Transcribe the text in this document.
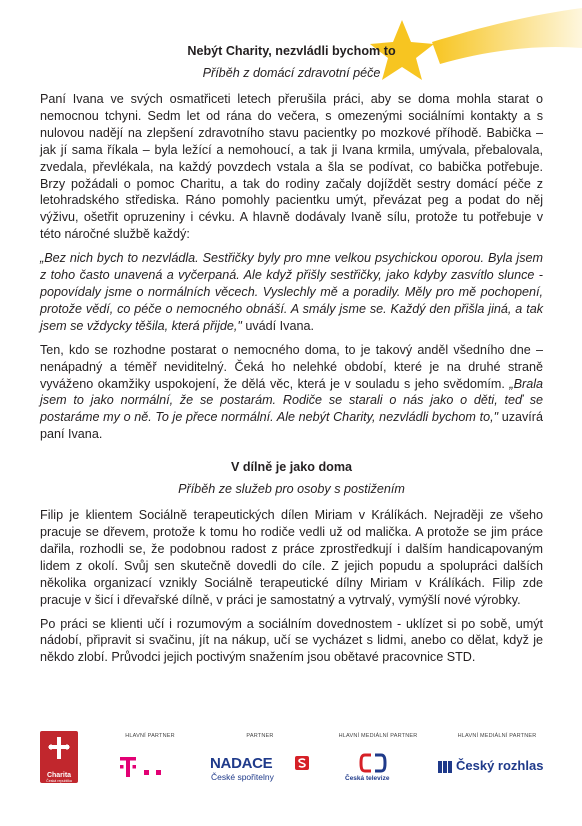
Nebýt Charity, nezvládli bychom to
Příběh z domácí zdravotní péče

Paní Ivana ve svých osmatřiceti letech přerušila práci, aby se doma mohla starat o nemocnou tchyni. Sedm let od rána do večera, s omezenými sociálními kontakty a s nulovou nadějí na zlepšení zdravotního stavu pacientky po mozkové příhodě. Babička – jak jí sama říkala – byla ležící a nemohoucí, a tak ji Ivana krmila, umývala, přebalovala, zvedala, převlékala, na každý povzdech vstala a šla se podívat, co babička potřebuje. Brzy požádali o pomoc Charitu, a tak do rodiny začaly dojíždět sestry domácí péče z letohradského střediska. Ráno pomohly pacientku umýt, převázat peg a podat do něj výživu, ošetřit opruzeniny i cévku. A hlavně dodávaly Ivaně sílu, protože tu potřebuje v této náročné službě každý:

„Bez nich bych to nezvládla. Sestřičky byly pro mne velkou psychickou oporou. Byla jsem z toho často unavená a vyčerpaná. Ale když přišly sestřičky, jako kdyby zasvítlo slunce - popovídaly jsme o normálních věcech. Vyslechly mě a poradily. Měly pro mě pochopení, protože vědí, co péče o nemocného obnáší. A smály jsme se. Každý den přišla jiná, a tak jsem se vždycky těšila, která přijde," uvádí Ivana.

Ten, kdo se rozhodne postarat o nemocného doma, to je takový anděl všedního dne – nenápadný a téměř neviditelný. Čeká ho nelehké období, které je na druhé straně vyváženo okamžiky uspokojení, že dělá věc, která je v souladu s jeho svědomím. „Brala jsem to jako normální, že se postarám. Rodiče se starali o nás jako o děti, teď se postaráme my o ně. To je přece normální. Ale nebýt Charity, nezvládli bychom to," uzavírá paní Ivana.

V dílně je jako doma
Příběh ze služeb pro osoby s postižením

Filip je klientem Sociálně terapeutických dílen Miriam v Králíkách. Nejraději ze všeho pracuje se dřevem, protože k tomu ho rodiče vedli už od malička. A protože se jim práce dařila, rozhodli se, že podobnou radost z práce zprostředkují i dalším handicapovaným lidem z okolí. Svůj sen skutečně dovedli do cíle. Z jejich popudu a spolupráci dalších několika organizací vznikly Sociálně terapeutické dílny Miriam v Králíkách. Filip zde pracuje v šicí i dřevařské dílně, v práci je samostatný a vytrvalý, vymýšlí nové výrobky.

Po práci se klienti učí i rozumovým a sociálním dovednostem - uklízet si po sobě, umýt nádobí, připravit si svačinu, jít na nákup, učí se vycházet s lidmi, anebo co dělat, když je někdo zlobí. Průvodci jejich poctivým snažením jsou obětavé pracovnice STD.

Charita
Česká republika
HLAVNÍ PARTNER	PARTNER
NADACE
České spořitelny
HLAVNÍ MEDIÁLNÍ PARTNER
Česká televize
HLAVNÍ MEDIÁLNÍ PARTNER
Český rozhlas
